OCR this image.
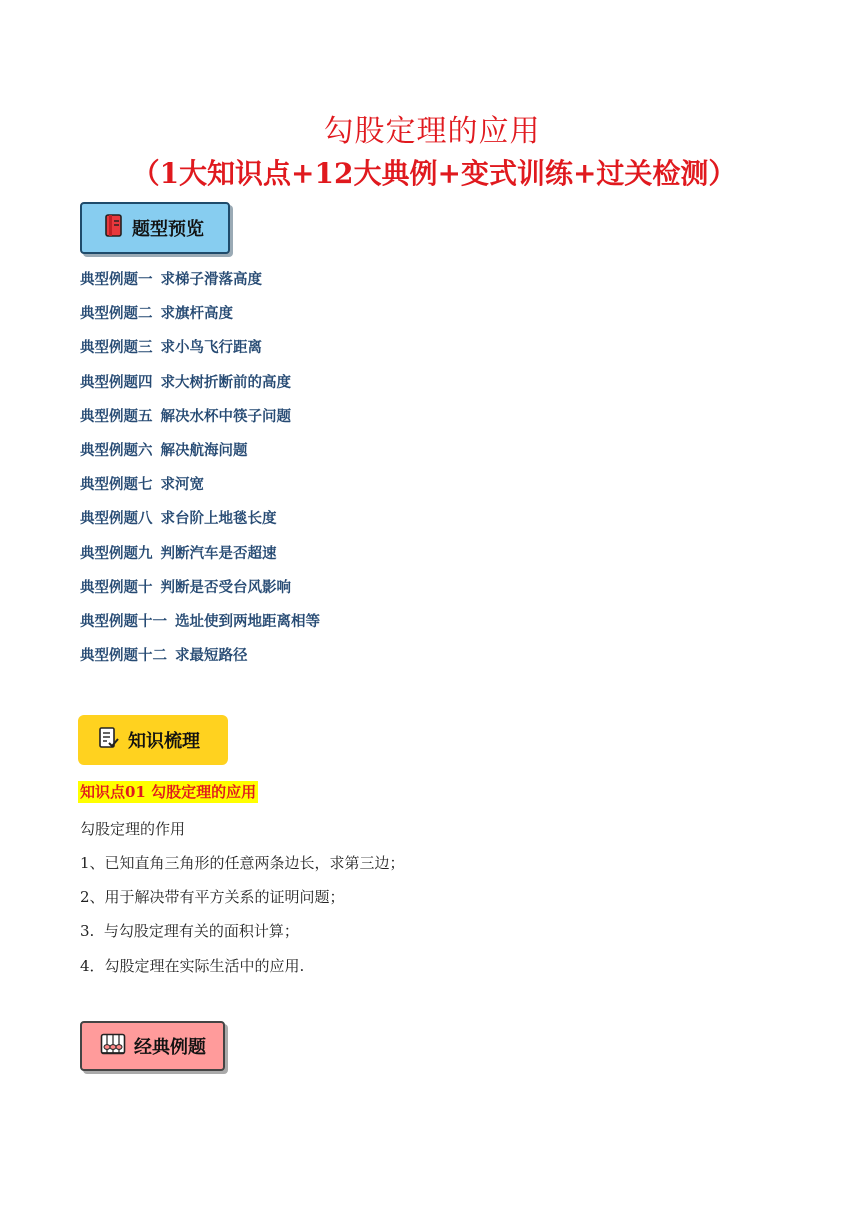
勾股定理的应用
（1大知识点+12大典例+变式训练+过关检测）
题型预览
典型例题一 求梯子滑落高度
典型例题二 求旗杆高度
典型例题三 求小鸟飞行距离
典型例题四 求大树折断前的高度
典型例题五 解决水杯中筷子问题
典型例题六 解决航海问题
典型例题七 求河宽
典型例题八 求台阶上地毯长度
典型例题九 判断汽车是否超速
典型例题十 判断是否受台风影响
典型例题十一 选址使到两地距离相等
典型例题十二 求最短路径
知识梳理
知识点01 勾股定理的应用
勾股定理的作用
1、已知直角三角形的任意两条边长，求第三边；
2、用于解决带有平方关系的证明问题；
3.  与勾股定理有关的面积计算；
4．勾股定理在实际生活中的应用.
经典例题
